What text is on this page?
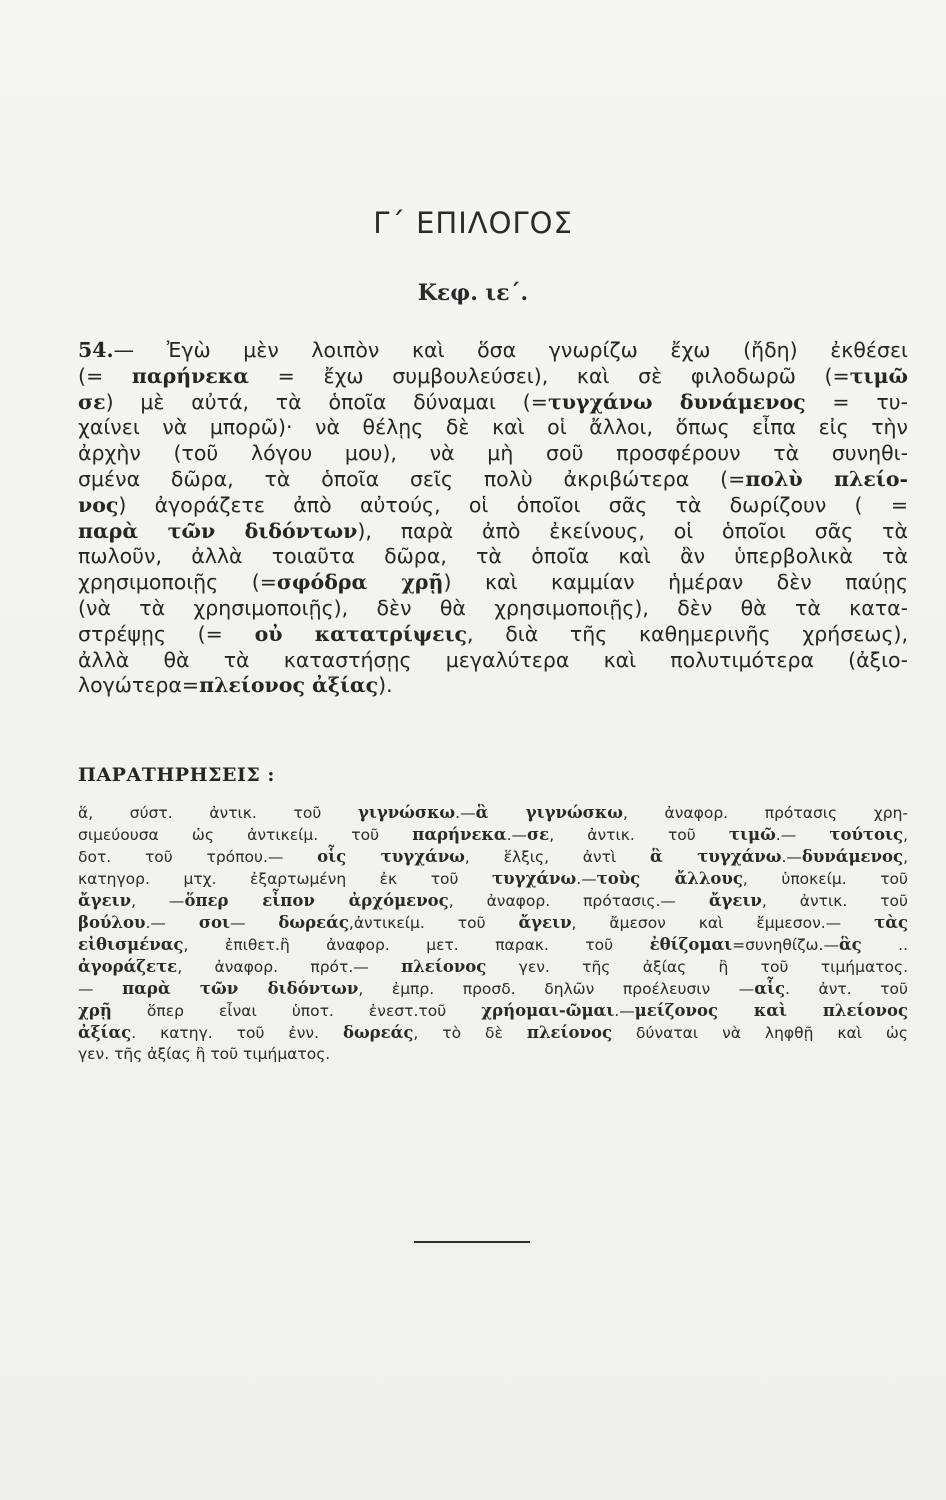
Γ΄ ΕΠΙΛΟΓΟΣ
Κεφ. ιε΄.
54.— Ἐγὼ μὲν λοιπὸν καὶ ὅσα γνωρίζω ἔχω (ἤδη) ἐκθέσει
(= παρήνεκα = ἔχω συμβουλεύσει), καὶ σὲ φιλοδωρῶ (=τιμῶ
σε) μὲ αὐτά, τὰ ὁποῖα δύναμαι (=τυγχάνω δυνάμενος = τυ-
χαίνει νὰ μπορῶ)· νὰ θέλῃς δὲ καὶ οἱ ἄλλοι, ὅπως εἶπα εἰς τὴν
ἀρχὴν (τοῦ λόγου μου), νὰ μὴ σοῦ προσφέρουν τὰ συνηθι-
σμένα δῶρα, τὰ ὁποῖα σεῖς πολὺ ἀκριβώτερα (=πολὺ πλείο-
νος) ἀγοράζετε ἀπὸ αὐτούς, οἱ ὁποῖοι σᾶς τὰ δωρίζουν ( =
παρὰ τῶν διδόντων), παρὰ ἀπὸ ἐκείνους, οἱ ὁποῖοι σᾶς τὰ
πωλοῦν, ἀλλὰ τοιαῦτα δῶρα, τὰ ὁποῖα καὶ ἂν ὑπερβολικὰ τὰ
χρησιμοποιῇς (=σφόδρα χρῇ) καὶ καμμίαν ἡμέραν δὲν παύῃς
(νὰ τὰ χρησιμοποιῇς), δὲν θὰ χρησιμοποιῇς), δὲν θὰ τὰ κατα-
στρέψῃς (= οὐ κατατρίψεις, διὰ τῆς καθημερινῆς χρήσεως),
ἀλλὰ θὰ τὰ καταστήσῃς μεγαλύτερα καὶ πολυτιμότερα (ἀξιο-
λογώτερα=πλείονος ἀξίας).
ΠΑΡΑΤΗΡΗΣΕΙΣ :
ἅ, σύστ. ἀντικ. τοῦ γιγνώσκω.—ἃ γιγνώσκω, ἀναφορ. πρότασις χρη-
σιμεύουσα ὡς ἀντικείμ. τοῦ παρήνεκα.—σε, ἀντικ. τοῦ τιμῶ.— τούτοις,
δοτ. τοῦ τρόπου.— οἷς τυγχάνω, ἕλξις, ἀντὶ ἃ τυγχάνω.—δυνάμενος,
κατηγορ. μτχ. ἐξαρτωμένη ἐκ τοῦ τυγχάνω.—τοὺς ἄλλους, ὑποκείμ. τοῦ
ἄγειν, —ὅπερ εἶπον ἀρχόμενος, ἀναφορ. πρότασις.— ἄγειν, ἀντικ. τοῦ
βούλου.— σοι— δωρεάς,ἀντικείμ. τοῦ ἄγειν, ἄμεσον καὶ ἔμμεσον.— τὰς
εἰθισμένας, ἐπιθετ.ἢ ἀναφορ. μετ. παρακ. τοῦ ἐθίζομαι=συνηθίζω.—ἃς ..
ἀγοράζετε, ἀναφορ. πρότ.— πλείονος γεν. τῆς ἀξίας ἢ τοῦ τιμήματος.
— παρὰ τῶν διδόντων, ἐμπρ. προσδ. δηλῶν προέλευσιν —αἷς. ἀντ. τοῦ
χρῇ ὅπερ εἶναι ὑποτ. ἐνεστ.τοῦ χρήομαι-ῶμαι.—μείζονος καὶ πλείονος
ἀξίας. κατηγ. τοῦ ἐνν. δωρεάς, τὸ δὲ πλείονος δύναται νὰ ληφθῇ καὶ ὡς
γεν. τῆς ἀξίας ἢ τοῦ τιμήματος.
